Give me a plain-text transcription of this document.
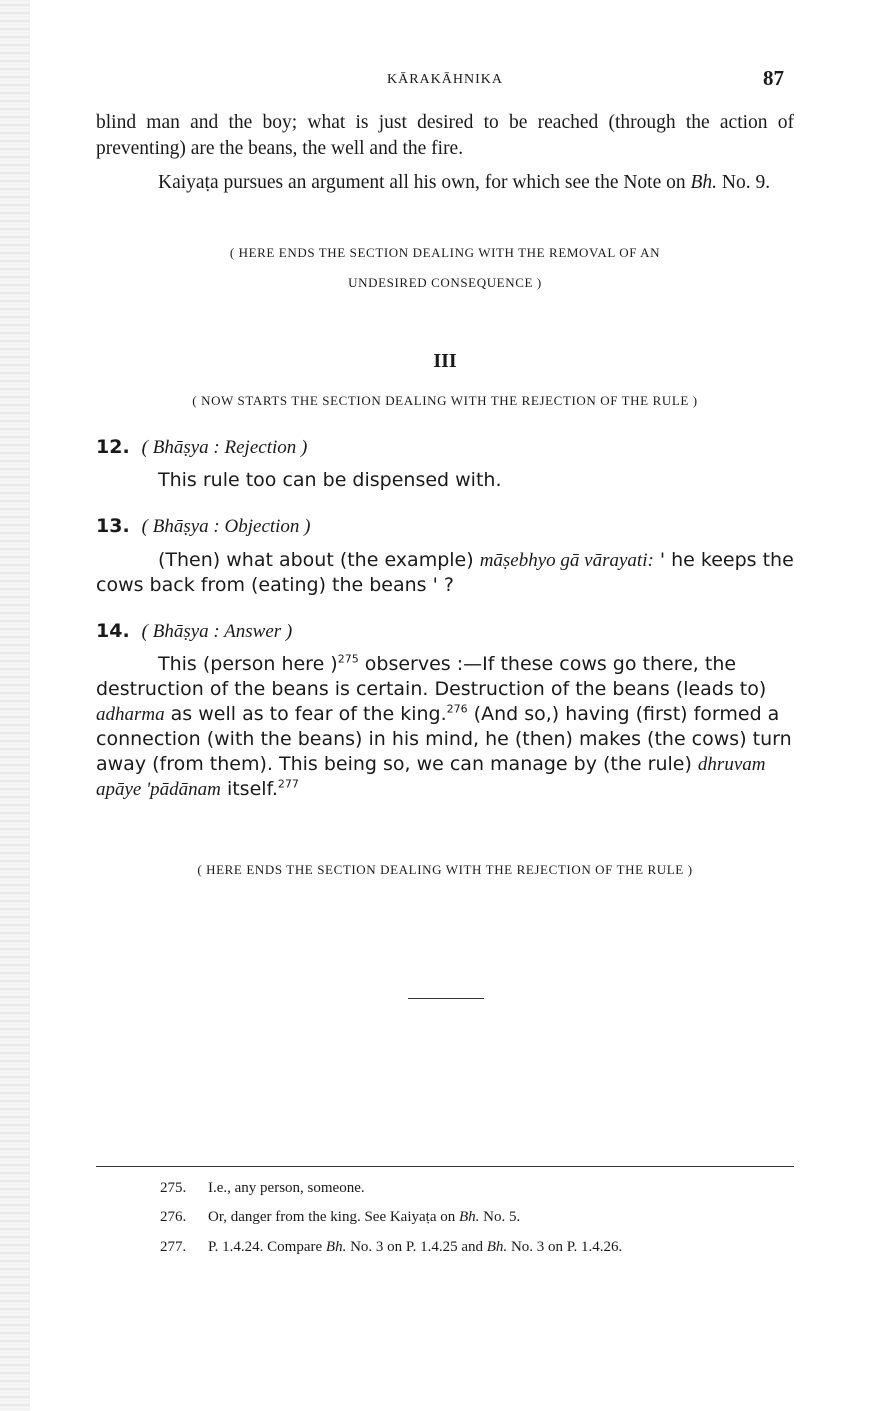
KĀRAKĀHNIKA	87

blind man and the boy; what is just desired to be reached (through the action of preventing) are the beans, the well and the fire.

Kaiyaṭa pursues an argument all his own, for which see the Note on Bh. No. 9.

( HERE ENDS THE SECTION DEALING WITH THE REMOVAL OF AN
UNDESIRED CONSEQUENCE )
III
( NOW STARTS THE SECTION DEALING WITH THE REJECTION OF THE RULE )
12. ( Bhāṣya : Rejection )

This rule too can be dispensed with.

13. ( Bhāṣya : Objection )

(Then) what about (the example) māṣebhyo gā vārayati: ' he keeps the cows back from (eating) the beans ' ?

14. ( Bhāṣya : Answer )

This (person here )$^{275}$ observes :—If these cows go there, the destruction of the beans is certain. Destruction of the beans (leads to) adharma as well as to fear of the king.$^{276}$ (And so,) having (first) formed a connection (with the beans) in his mind, he (then) makes (the cows) turn away (from them). This being so, we can manage by (the rule) dhruvam apāye 'pādānam itself.$^{277}$

( HERE ENDS THE SECTION DEALING WITH THE REJECTION OF THE RULE )
275. I.e., any person, someone.
276. Or, danger from the king. See Kaiyaṭa on Bh. No. 5.
277. P. 1.4.24. Compare Bh. No. 3 on P. 1.4.25 and Bh. No. 3 on P. 1.4.26.
